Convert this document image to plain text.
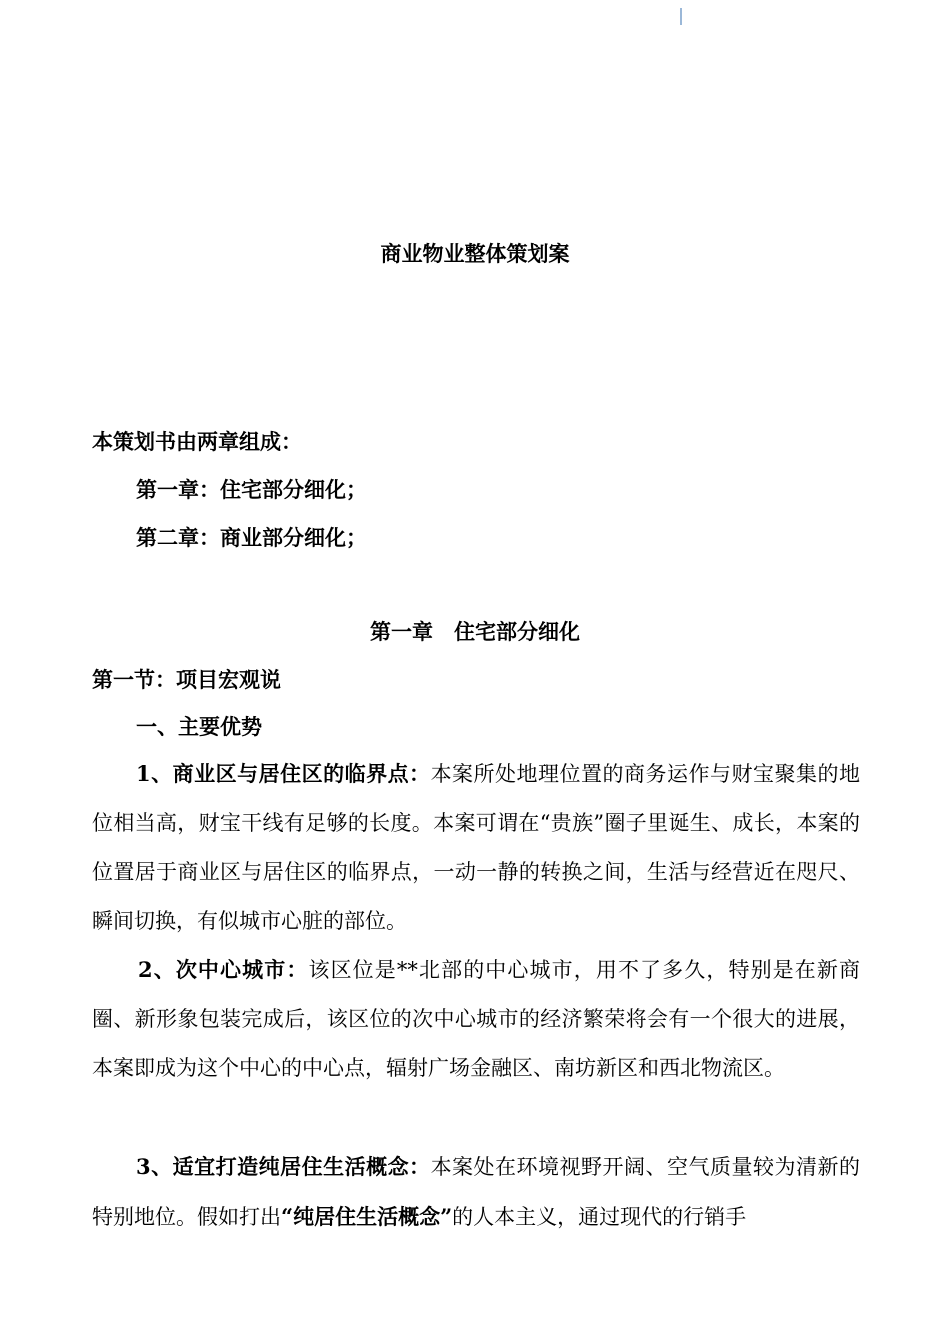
商业物业整体策划案
本策划书由两章组成：
第一章：住宅部分细化；
第二章：商业部分细化；
第一章　住宅部分细化
第一节：项目宏观说
一、主要优势

1、商业区与居住区的临界点：本案所处地理位置的商务运作与财宝聚集的地位相当高，财宝干线有足够的长度。本案可谓在“贵族”圈子里诞生、成长，本案的位置居于商业区与居住区的临界点，一动一静的转换之间，生活与经营近在咫尺、瞬间切换，有似城市心脏的部位。

2、次中心城市：该区位是**北部的中心城市，用不了多久，特别是在新商圈、新形象包装完成后，该区位的次中心城市的经济繁荣将会有一个很大的进展，本案即成为这个中心的中心点，辐射广场金融区、南坊新区和西北物流区。

3、适宜打造纯居住生活概念：本案处在环境视野开阔、空气质量较为清新的特别地位。假如打出“纯居住生活概念”的人本主义，通过现代的行销手
